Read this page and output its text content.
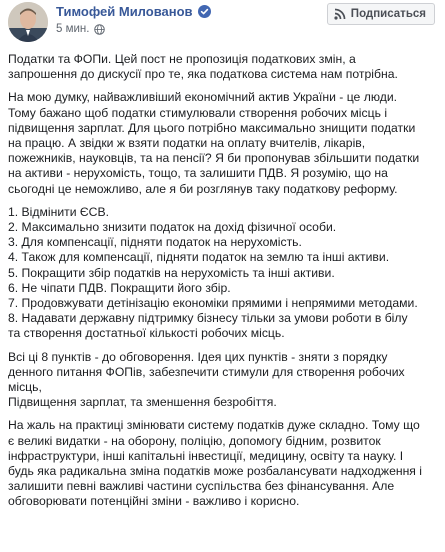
Тимофей Милованов
5 мин.
Подписаться

Податки та ФОПи. Цей пост не пропозиція податкових змін, а
запрошення до дискусії про те, яка податкова система нам потрібна.

На мою думку, найважливіший економічний актив України - це люди.
Тому бажано щоб податки стимулювали створення робочих місць і
підвищення зарплат. Для цього потрібно максимально знищити податки
на працю. А звідки ж взяти податки на оплату вчителів, лікарів,
пожежників, науковців, та на пенсії? Я би пропонував збільшити податки
на активи - нерухомість, тощо, та залишити ПДВ. Я розумію, що на
сьогодні це неможливо, але я би розглянув таку податкову реформу.

1. Відмінити ЄСВ.
2. Максимально знизити податок на дохід фізичної особи.
3. Для компенсації, підняти податок на нерухомість.
4. Також для компенсації, підняти податок на землю та інші активи.
5. Покращити збір податків на нерухомість та інші активи.
6. Не чіпати ПДВ. Покращити його збір.
7. Продовжувати детінізацію економіки прямими і непрямими методами.
8. Надавати державну підтримку бізнесу тільки за умови роботи в білу
та створення достатньої кількості робочих місць.

Всі ці 8 пунктів - до обговорення. Ідея цих пунктів - зняти з порядку
денного питання ФОПів, забезпечити стимули для створення робочих
місць,
Підвищення зарплат, та зменшення безробіття.

На жаль на практиці змінювати систему податків дуже складно. Тому що
є великі видатки - на оборону, поліцію, допомогу бідним, розвиток
інфраструктури, інші капітальні інвестиції, медицину, освіту та науку. І
будь яка радикальна зміна податків може розбалансувати надходження і
залишити певні важливі частини суспільства без фінансування. Але
обговорювати потенційні зміни - важливо і корисно.
